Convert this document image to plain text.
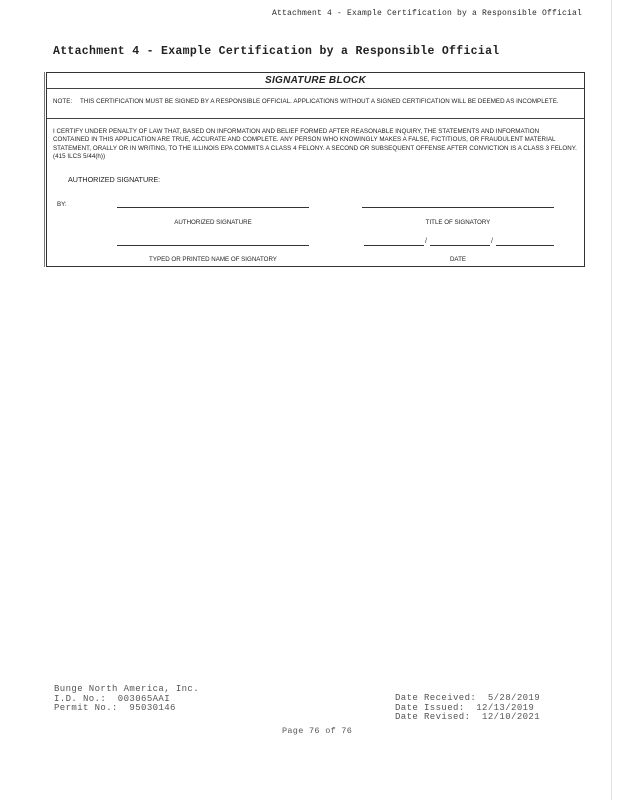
Attachment 4 - Example Certification by a Responsible Official
Attachment 4 - Example Certification by a Responsible Official
SIGNATURE BLOCK
NOTE: THIS CERTIFICATION MUST BE SIGNED BY A RESPONSIBLE OFFICIAL. APPLICATIONS WITHOUT A SIGNED CERTIFICATION WILL BE DEEMED AS INCOMPLETE.
I CERTIFY UNDER PENALTY OF LAW THAT, BASED ON INFORMATION AND BELIEF FORMED AFTER REASONABLE INQUIRY, THE STATEMENTS AND INFORMATION CONTAINED IN THIS APPLICATION ARE TRUE, ACCURATE AND COMPLETE. ANY PERSON WHO KNOWINGLY MAKES A FALSE, FICTITIOUS, OR FRAUDULENT MATERIAL STATEMENT, ORALLY OR IN WRITING, TO THE ILLINOIS EPA COMMITS A CLASS 4 FELONY. A SECOND OR SUBSEQUENT OFFENSE AFTER CONVICTION IS A CLASS 3 FELONY. (415 ILCS 5/44(h))
AUTHORIZED SIGNATURE:
BY:
AUTHORIZED SIGNATURE	TITLE OF SIGNATORY
/	/
TYPED OR PRINTED NAME OF SIGNATORY	DATE
Bunge North America, Inc.
I.D. No.:  003065AAI
Permit No.:  95030146
Date Received:  5/28/2019
Date Issued:  12/13/2019
Date Revised:  12/10/2021
Page 76 of 76
